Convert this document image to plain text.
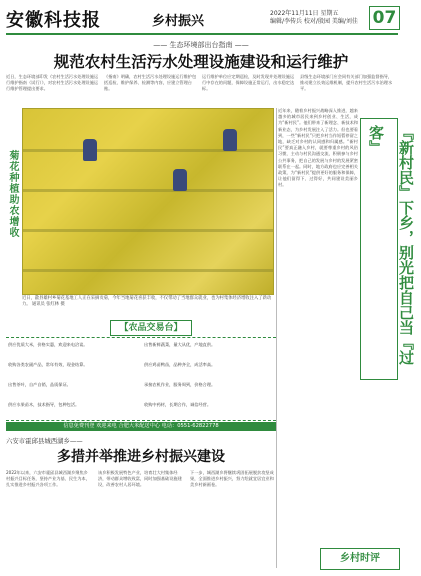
安徽科技报	乡村振兴
2022年11月11日 星期五
编辑/李传兵 校对/殷园 美编/刘佳 07
—— 生态环境部出台指南 ——
规范农村生活污水处理设施建设和运行维护
近日，生态环境部印发《农村生活污水处理设施运行维护指南（试行）》，对农村生活污水处理设施运行维护管理提出要求。
《指南》明确，农村生活污水处理设施运行维护包括巡检、维护保养、检测等内容，应建立管理台账。
运行维护单位应定期巡检，及时发现并处理设施运行中存在的问题，保障设施正常运行，出水稳定达标。
县级生态环境部门应会同有关部门加强监督指导，推动建立长效运维机制，提升农村生活污水治理水平。
菊花种植助农增收
近日，歙县雄村乡菊花基地工人正在采摘贡菊，今年当地菊花喜获丰收，不仅带动了当地群众就业，也为村集体经济增收注入了新动力。 通讯员 张红林 摄
近年来，随着乡村振兴战略深入推进，越来越多的城市居民来到乡村创业、生活，成为“新村民”。他们带来了新理念、新技术和新业态，为乡村发展注入了活力。但也要看到，一些“新村民”只把乡村当作短暂停留之地，缺乏对乡村的认同感和归属感。“新村民”要真正融入乡村，就要尊重乡村的风俗习惯，主动与村民沟通交流，积极参与乡村公共事务，把自己的发展与乡村的发展紧密联系在一起。同时，地方政府也应完善相关政策，为“新村民”提供更好的服务和保障，让他们留得下、过得好，共同建设美丽乡村。	『新村民』下乡，别光把自己当『过客』
【农品交易台】
供应优质大米，价格实惠，欢迎来电洽谈。	出售新鲜蔬菜，量大从优，产地直供。
收购各类农副产品，常年有效，现金结算。	供应鸡苗鸭苗，品种齐全，成活率高。
出售茶叶，自产自销，品质保证。	承接农机作业，服务周到，价格合理。
供应水果苗木，技术指导，包种包活。	收购中药材，长期合作，诚信经营。
信息免费刊登 欢迎来电 合肥大米配送中心 电话：0551-62822778
六安市霍邱县城西湖乡——
多措并举推进乡村振兴建设
2022年以来，六安市霍邱县城西湖乡聚焦乡村振兴目标任务，坚持产业为基、民生为本，扎实推进乡村振兴各项工作。
该乡积极发展特色产业，培育壮大村集体经济，带动群众增收致富，同时加强基础设施建设，改善农村人居环境。
下一步，城西湖乡将继续巩固拓展脱贫攻坚成果，全面推进乡村振兴，努力绘就宜居宜业和美乡村新画卷。
乡村时评
